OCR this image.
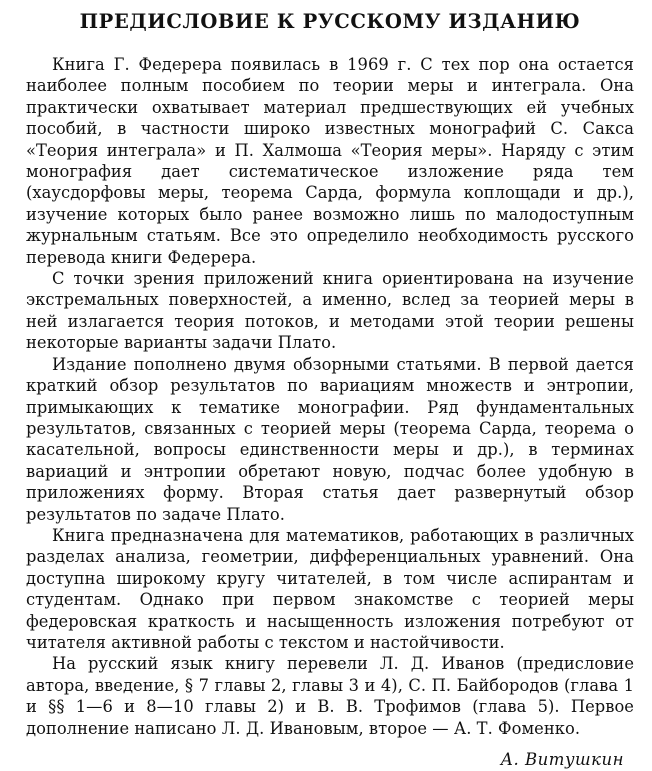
ПРЕДИСЛОВИЕ К РУССКОМУ ИЗДАНИЮ

Книга Г. Федерера появилась в 1969 г. С тех пор она остается наиболее полным пособием по теории меры и интеграла. Она практически охватывает материал предшествующих ей учебных пособий, в частности широко известных монографий С. Сакса «Теория интеграла» и П. Халмоша «Теория меры». Наряду с этим монография дает систематическое изложение ряда тем (хаусдорфовы меры, теорема Сарда, формула коплощади и др.), изучение которых было ранее возможно лишь по малодоступным журнальным статьям. Все это определило необходимость русского перевода книги Федерера.

С точки зрения приложений книга ориентирована на изучение экстремальных поверхностей, а именно, вслед за теорией меры в ней излагается теория потоков, и методами этой теории решены некоторые варианты задачи Плато.

Издание пополнено двумя обзорными статьями. В первой дается краткий обзор результатов по вариациям множеств и энтропии, примыкающих к тематике монографии. Ряд фундаментальных результатов, связанных с теорией меры (теорема Сарда, теорема о касательной, вопросы единственности меры и др.), в терминах вариаций и энтропии обретают новую, подчас более удобную в приложениях форму. Вторая статья дает развернутый обзор результатов по задаче Плато.

Книга предназначена для математиков, работающих в различных разделах анализа, геометрии, дифференциальных уравнений. Она доступна широкому кругу читателей, в том числе аспирантам и студентам. Однако при первом знакомстве с теорией меры федеровская краткость и насыщенность изложения потребуют от читателя активной работы с текстом и настойчивости.

На русский язык книгу перевели Л. Д. Иванов (предисловие автора, введение, § 7 главы 2, главы 3 и 4), С. П. Байбородов (глава 1 и §§ 1—6 и 8—10 главы 2) и В. В. Трофимов (глава 5). Первое дополнение написано Л. Д. Ивановым, второе — А. Т. Фоменко.

А. Витушкин
